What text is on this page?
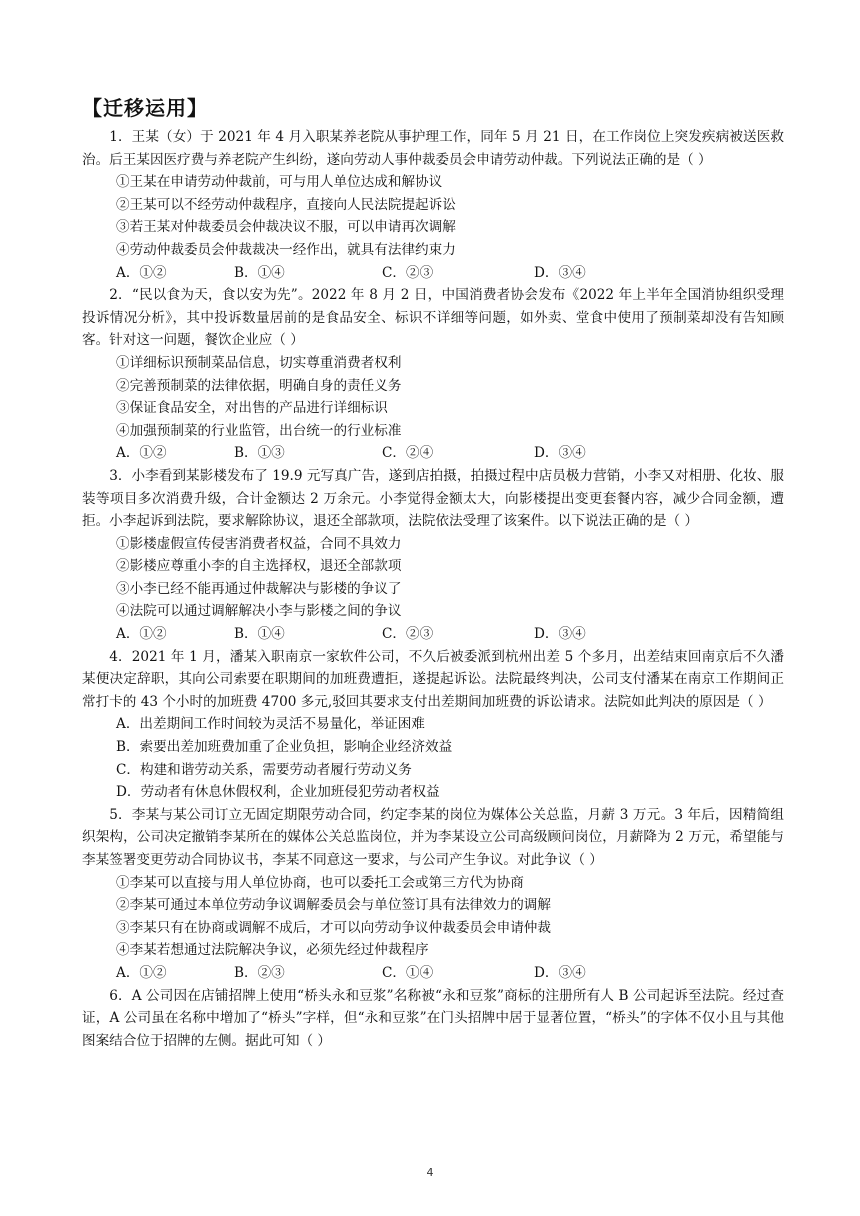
【迁移运用】

1．王某（女）于 2021 年 4 月入职某养老院从事护理工作，同年 5 月 21 日，在工作岗位上突发疾病被送医救治。后王某因医疗费与养老院产生纠纷，遂向劳动人事仲裁委员会申请劳动仲裁。下列说法正确的是（ ）

①王某在申请劳动仲裁前，可与用人单位达成和解协议

②王某可以不经劳动仲裁程序，直接向人民法院提起诉讼

③若王某对仲裁委员会仲裁决议不服，可以申请再次调解

④劳动仲裁委员会仲裁裁决一经作出，就具有法律约束力

A．①②	B．①④	C．②③	D．③④

2．“民以食为天，食以安为先”。2022 年 8 月 2 日，中国消费者协会发布《2022 年上半年全国消协组织受理投诉情况分析》，其中投诉数量居前的是食品安全、标识不详细等问题，如外卖、堂食中使用了预制菜却没有告知顾客。针对这一问题，餐饮企业应（ ）

①详细标识预制菜品信息，切实尊重消费者权利

②完善预制菜的法律依据，明确自身的责任义务

③保证食品安全，对出售的产品进行详细标识

④加强预制菜的行业监管，出台统一的行业标准

A．①②	B．①③	C．②④	D．③④

3．小李看到某影楼发布了 19.9 元写真广告，遂到店拍摄，拍摄过程中店员极力营销，小李又对相册、化妆、服装等项目多次消费升级，合计金额达 2 万余元。小李觉得金额太大，向影楼提出变更套餐内容，减少合同金额，遭拒。小李起诉到法院，要求解除协议，退还全部款项，法院依法受理了该案件。以下说法正确的是（ ）

①影楼虚假宣传侵害消费者权益，合同不具效力

②影楼应尊重小李的自主选择权，退还全部款项

③小李已经不能再通过仲裁解决与影楼的争议了

④法院可以通过调解解决小李与影楼之间的争议

A．①②	B．①④	C．②③	D．③④

4．2021 年 1 月，潘某入职南京一家软件公司，不久后被委派到杭州出差 5 个多月，出差结束回南京后不久潘某便决定辞职，其向公司索要在职期间的加班费遭拒，遂提起诉讼。法院最终判决，公司支付潘某在南京工作期间正常打卡的 43 个小时的加班费 4700 多元,驳回其要求支付出差期间加班费的诉讼请求。法院如此判决的原因是（ ）

A．出差期间工作时间较为灵活不易量化，举证困难

B．索要出差加班费加重了企业负担，影响企业经济效益

C．构建和谐劳动关系，需要劳动者履行劳动义务

D．劳动者有休息休假权利，企业加班侵犯劳动者权益

5．李某与某公司订立无固定期限劳动合同，约定李某的岗位为媒体公关总监，月薪 3 万元。3 年后，因精简组织架构，公司决定撤销李某所在的媒体公关总监岗位，并为李某设立公司高级顾问岗位，月薪降为 2 万元，希望能与李某签署变更劳动合同协议书，李某不同意这一要求，与公司产生争议。对此争议（ ）

①李某可以直接与用人单位协商，也可以委托工会或第三方代为协商

②李某可通过本单位劳动争议调解委员会与单位签订具有法律效力的调解

③李某只有在协商或调解不成后，才可以向劳动争议仲裁委员会申请仲裁

④李某若想通过法院解决争议，必须先经过仲裁程序

A．①②	B．②③	C．①④	D．③④

6．A 公司因在店铺招牌上使用“桥头永和豆浆”名称被“永和豆浆”商标的注册所有人 B 公司起诉至法院。经过查证，A 公司虽在名称中增加了“桥头”字样，但“永和豆浆”在门头招牌中居于显著位置，“桥头”的字体不仅小且与其他图案结合位于招牌的左侧。据此可知（ ）

4
